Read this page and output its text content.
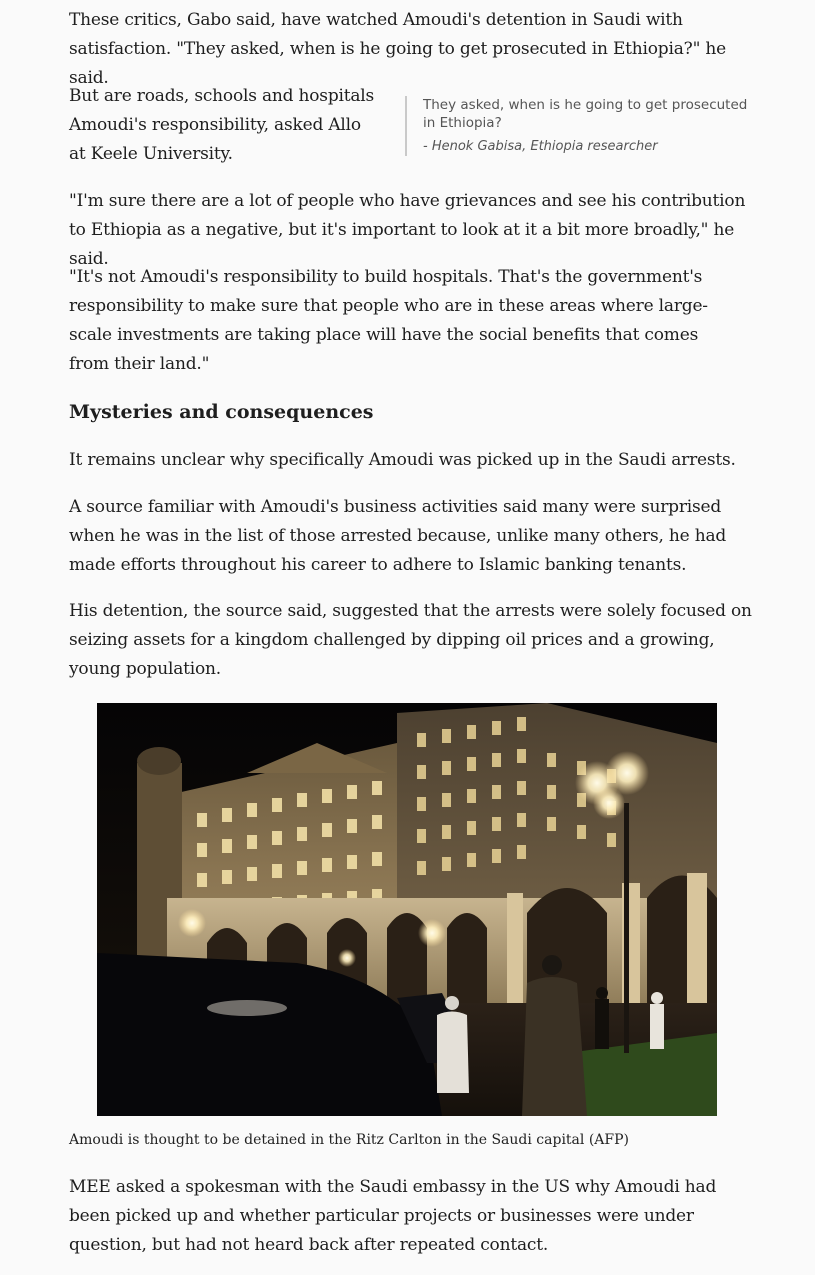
These critics, Gabo said, have watched Amoudi's detention in Saudi with satisfaction. "They asked, when is he going to get prosecuted in Ethiopia?" he said.

But are roads, schools and hospitals Amoudi's responsibility, asked Allo at Keele University.

They asked, when is he going to get prosecuted in Ethiopia?

- Henok Gabisa, Ethiopia researcher

"I'm sure there are a lot of people who have grievances and see his contribution to Ethiopia as a negative, but it's important to look at it a bit more broadly," he said.

"It's not Amoudi's responsibility to build hospitals. That's the government's responsibility to make sure that people who are in these areas where large-scale investments are taking place will have the social benefits that comes from their land."

Mysteries and consequences

It remains unclear why specifically Amoudi was picked up in the Saudi arrests.

A source familiar with Amoudi's business activities said many were surprised when he was in the list of those arrested because, unlike many others, he had made efforts throughout his career to adhere to Islamic banking tenants.

His detention, the source said, suggested that the arrests were solely focused on seizing assets for a kingdom challenged by dipping oil prices and a growing, young population.

Amoudi is thought to be detained in the Ritz Carlton in the Saudi capital (AFP)

MEE asked a spokesman with the Saudi embassy in the US why Amoudi had been picked up and whether particular projects or businesses were under question, but had not heard back after repeated contact.
